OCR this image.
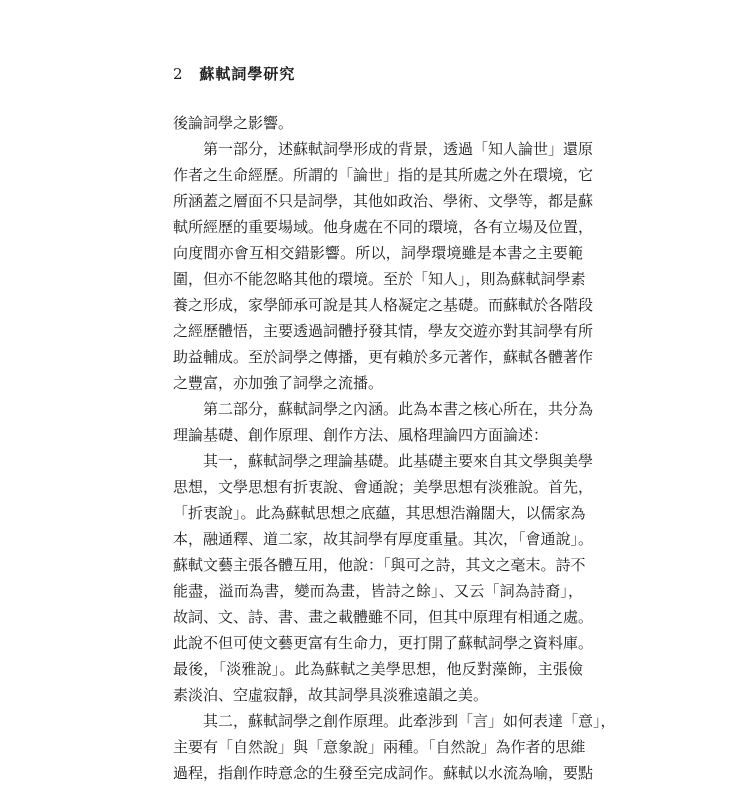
2 蘇軾詞學研究
後論詞學之影響。
　　第一部分，述蘇軾詞學形成的背景，透過「知人論世」還原
作者之生命經歷。所謂的「論世」指的是其所處之外在環境，它
所涵蓋之層面不只是詞學，其他如政治、學術、文學等，都是蘇
軾所經歷的重要場域。他身處在不同的環境，各有立場及位置，
向度間亦會互相交錯影響。所以，詞學環境雖是本書之主要範
圍，但亦不能忽略其他的環境。至於「知人」，則為蘇軾詞學素
養之形成，家學師承可說是其人格凝定之基礎。而蘇軾於各階段
之經歷體悟，主要透過詞體抒發其情，學友交遊亦對其詞學有所
助益輔成。至於詞學之傳播，更有賴於多元著作，蘇軾各體著作
之豐富，亦加強了詞學之流播。
　　第二部分，蘇軾詞學之內涵。此為本書之核心所在，共分為
理論基礎、創作原理、創作方法、風格理論四方面論述：
　　其一，蘇軾詞學之理論基礎。此基礎主要來自其文學與美學
思想，文學思想有折衷說、會通說；美學思想有淡雅說。首先，
「折衷說」。此為蘇軾思想之底蘊，其思想浩瀚闊大，以儒家為
本，融通釋、道二家，故其詞學有厚度重量。其次，「會通說」。
蘇軾文藝主張各體互用，他說：「與可之詩，其文之毫末。詩不
能盡，溢而為書，變而為畫，皆詩之餘」、又云「詞為詩裔」，
故詞、文、詩、書、畫之載體雖不同，但其中原理有相通之處。
此說不但可使文藝更富有生命力，更打開了蘇軾詞學之資料庫。
最後，「淡雅說」。此為蘇軾之美學思想，他反對藻飾，主張儉
素淡泊、空虛寂靜，故其詞學具淡雅遠韻之美。
　　其二，蘇軾詞學之創作原理。此牽涉到「言」如何表達「意」，
主要有「自然說」與「意象說」兩種。「自然說」為作者的思維
過程，指創作時意念的生發至完成詞作。蘇軾以水流為喻，要點
